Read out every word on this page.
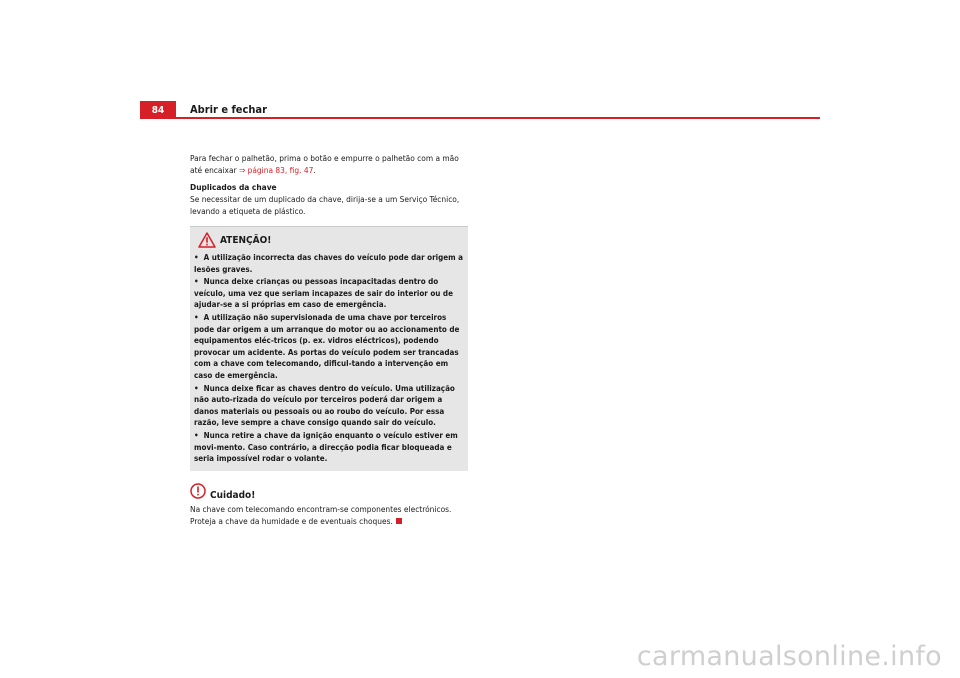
84	Abrir e fechar

Para fechar o palhetão, prima o botão e empurre o palhetão com a mão até encaixar ⇒ página 83, fig. 47.

Duplicados da chave

Se necessitar de um duplicado da chave, dirija-se a um Serviço Técnico, levando a etiqueta de plástico.

ATENÇÃO!
• A utilização incorrecta das chaves do veículo pode dar origem a lesões graves.
• Nunca deixe crianças ou pessoas incapacitadas dentro do veículo, uma vez que seriam incapazes de sair do interior ou de ajudar-se a si próprias em caso de emergência.
• A utilização não supervisionada de uma chave por terceiros pode dar origem a um arranque do motor ou ao accionamento de equipamentos eléc-tricos (p. ex. vidros eléctricos), podendo provocar um acidente. As portas do veículo podem ser trancadas com a chave com telecomando, dificul-tando a intervenção em caso de emergência.
• Nunca deixe ficar as chaves dentro do veículo. Uma utilização não auto-rizada do veículo por terceiros poderá dar origem a danos materiais ou pessoais ou ao roubo do veículo. Por essa razão, leve sempre a chave consigo quando sair do veículo.
• Nunca retire a chave da ignição enquanto o veículo estiver em movi-mento. Caso contrário, a direcção podia ficar bloqueada e seria impossível rodar o volante.
Cuidado!

Na chave com telecomando encontram-se componentes electrónicos. Proteja a chave da humidade e de eventuais choques.

carmanualsonline.info
